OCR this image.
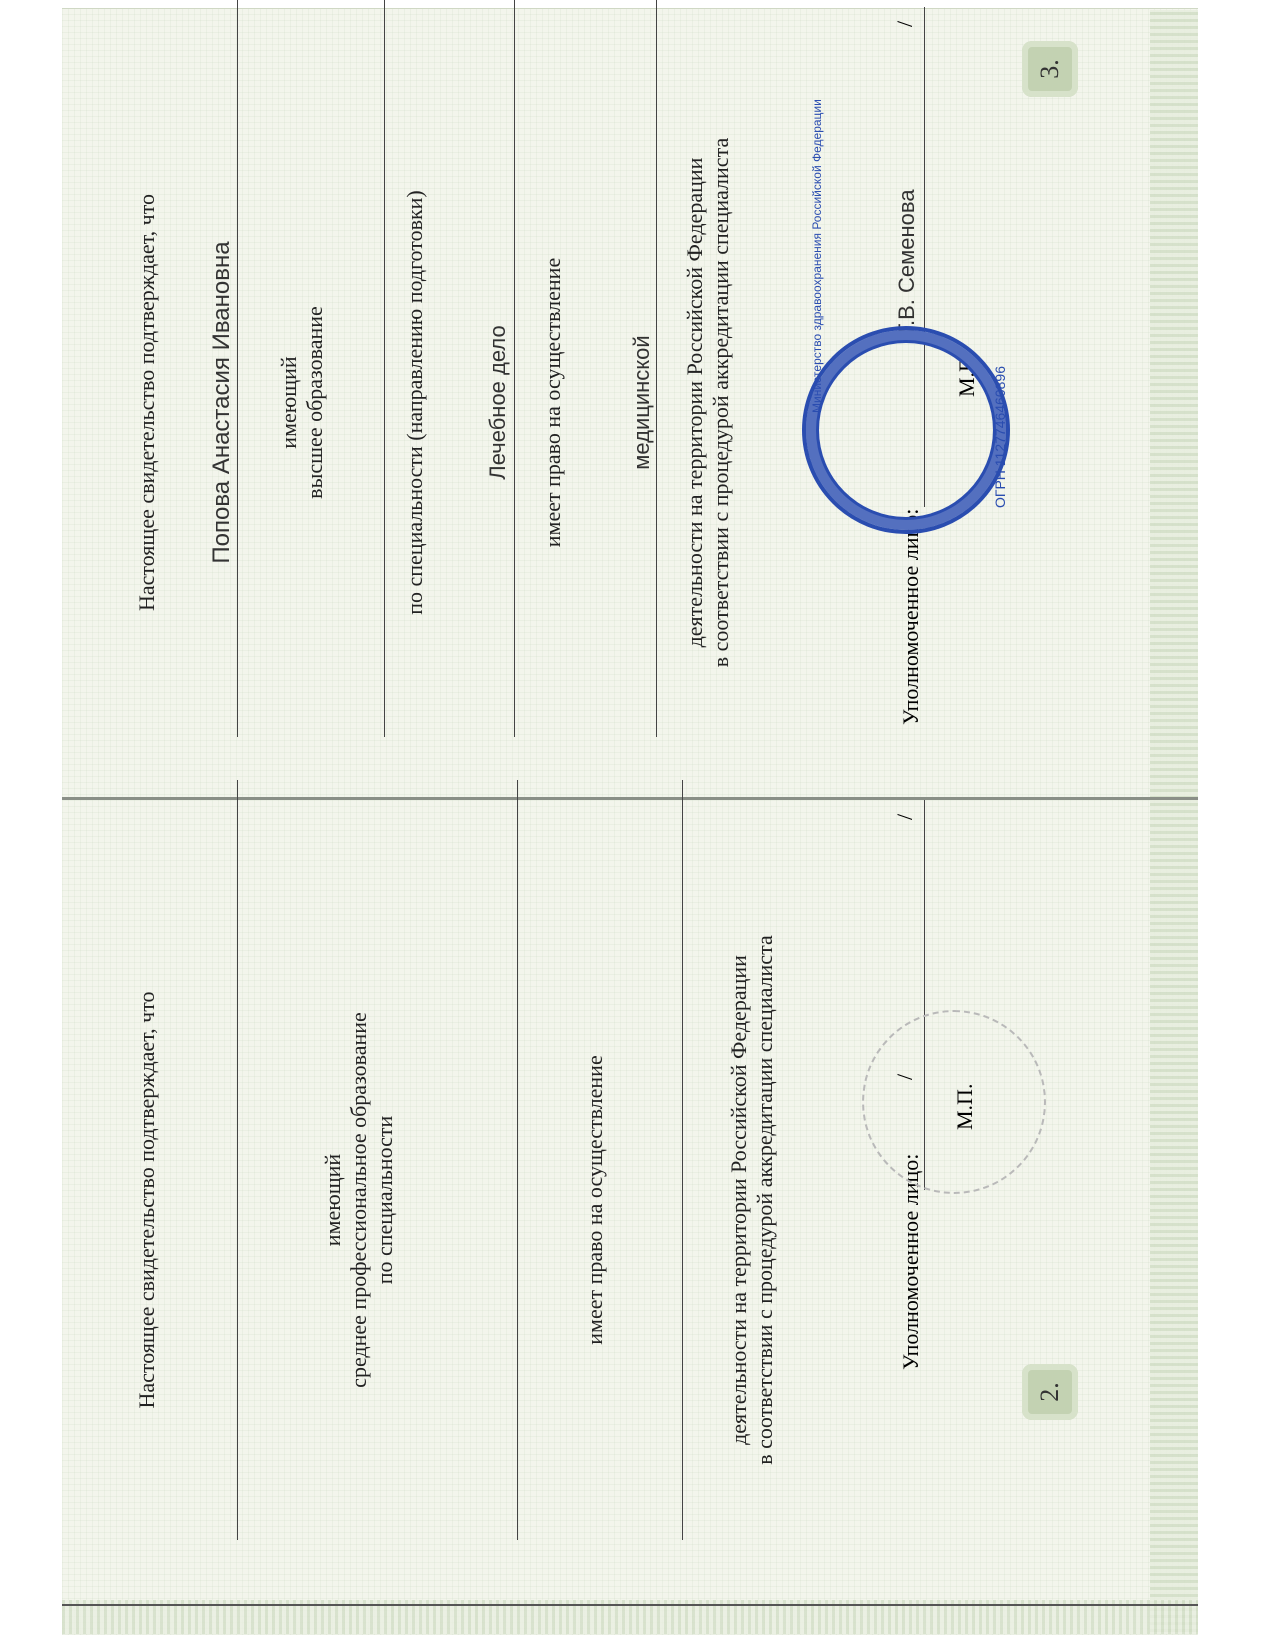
Настоящее свидетельство подтверждает, что Попова Анастасия Ивановна имеющий высшее образование	по специальности (направлению подготовки)	Лечебное дело имеет право на осуществление	медицинской деятельности на территории Российской Федерации в соответствии с процедурой аккредитации специалиста	Уполномоченное лицо:
Т.В. Семенова
/
М.П.
3.
Министерство здравоохранения Российской Федерации
ОГРН 1127746460896
Настоящее свидетельство подтверждает, что	имеющий среднее профессиональное образование по специальности	имеет право на осуществление	деятельности на территории Российской Федерации в соответствии с процедурой аккредитации специалиста	Уполномоченное лицо:
/
/
М.П.
2.
